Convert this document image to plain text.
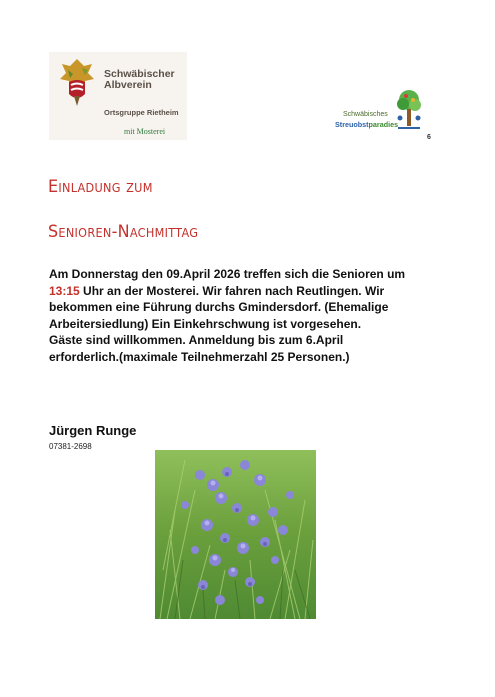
Schwäbischer
Albverein
Ortsgruppe Rietheim
mit Mosterei
Schwäbisches
Streuobstparadies
6
Einladung zum
Senioren-Nachmittag
Am Donnerstag den 09.April 2026 treffen sich die Senioren um
13:15 Uhr an der Mosterei. Wir fahren nach Reutlingen. Wir
bekommen eine Führung durchs Gmindersdorf. (Ehemalige
Arbeitersiedlung) Ein Einkehrschwung ist vorgesehen.
Gäste sind willkommen. Anmeldung bis zum 6.April
erforderlich.(maximale Teilnehmerzahl 25 Personen.)
Jürgen Runge
07381-2698
